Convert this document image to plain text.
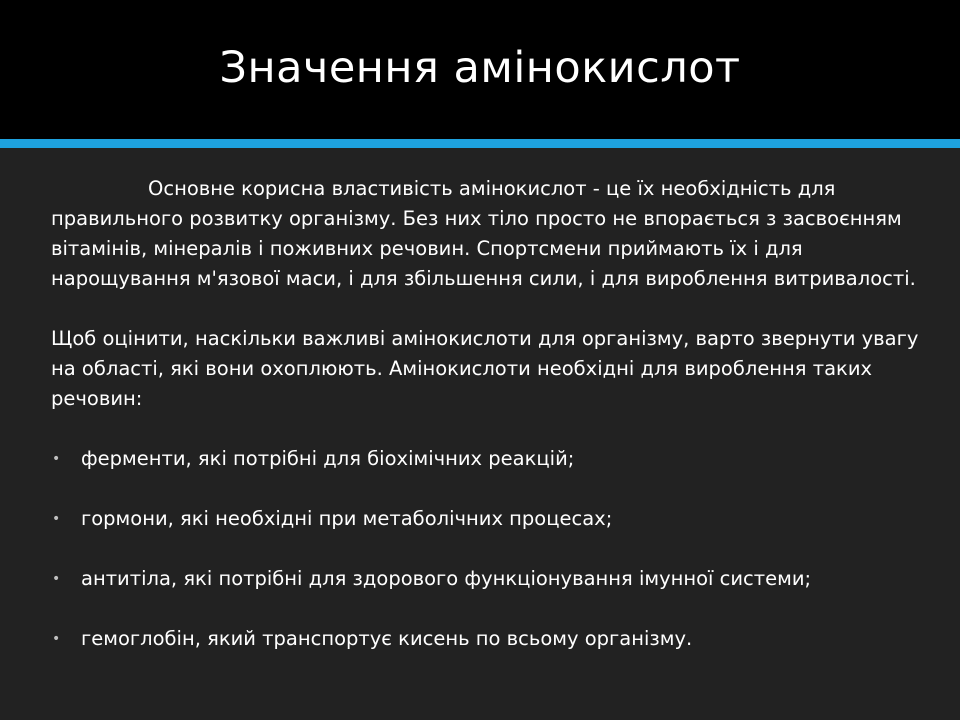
Значення амінокислот

Основне корисна властивість амінокислот - це їх необхідність для правильного розвитку організму. Без них тіло просто не впорається з засвоєнням вітамінів, мінералів і поживних речовин. Спортсмени приймають їх і для нарощування м'язової маси, і для збільшення сили, і для вироблення витривалості.

Щоб оцінити, наскільки важливі амінокислоти для організму, варто звернути увагу на області, які вони охоплюють. Амінокислоти необхідні для вироблення таких речовин:

• ферменти, які потрібні для біохімічних реакцій;
• гормони, які необхідні при метаболічних процесах;
• антитіла, які потрібні для здорового функціонування імунної системи;
• гемоглобін, який транспортує кисень по всьому організму.
